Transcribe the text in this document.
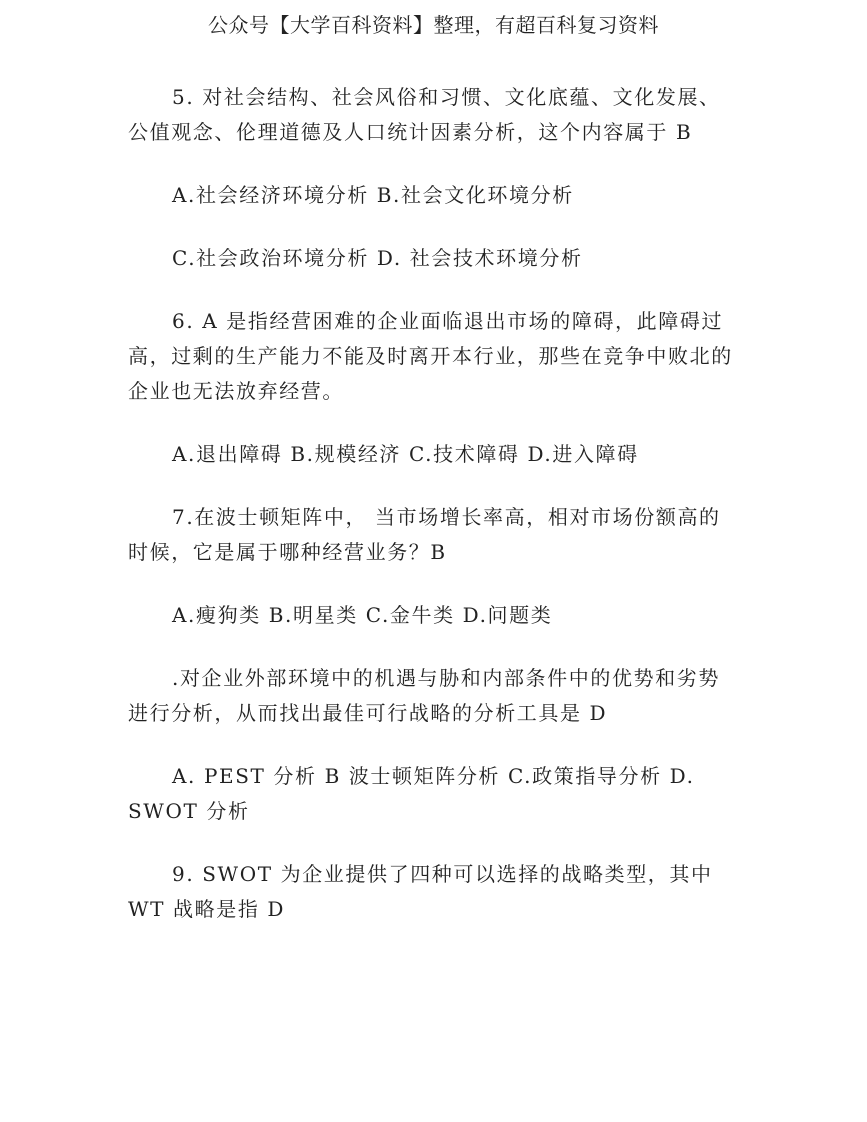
公众号【大学百科资料】整理，有超百科复习资料

5. 对社会结构、社会风俗和习惯、文化底蕴、文化发展、公值观念、伦理道德及人口统计因素分析，这个内容属于 B

A.社会经济环境分析 B.社会文化环境分析

C.社会政治环境分析 D. 社会技术环境分析

6. A 是指经营困难的企业面临退出市场的障碍，此障碍过高，过剩的生产能力不能及时离开本行业，那些在竞争中败北的企业也无法放弃经营。

A.退出障碍 B.规模经济 C.技术障碍 D.进入障碍

7.在波士顿矩阵中， 当市场增长率高，相对市场份额高的时候，它是属于哪种经营业务？B

A.瘦狗类 B.明星类 C.金牛类 D.问题类

.对企业外部环境中的机遇与胁和内部条件中的优势和劣势进行分析，从而找出最佳可行战略的分析工具是 D

A. PEST 分析 B 波士顿矩阵分析 C.政策指导分析 D. SWOT 分析

9. SWOT 为企业提供了四种可以选择的战略类型，其中 WT 战略是指 D
